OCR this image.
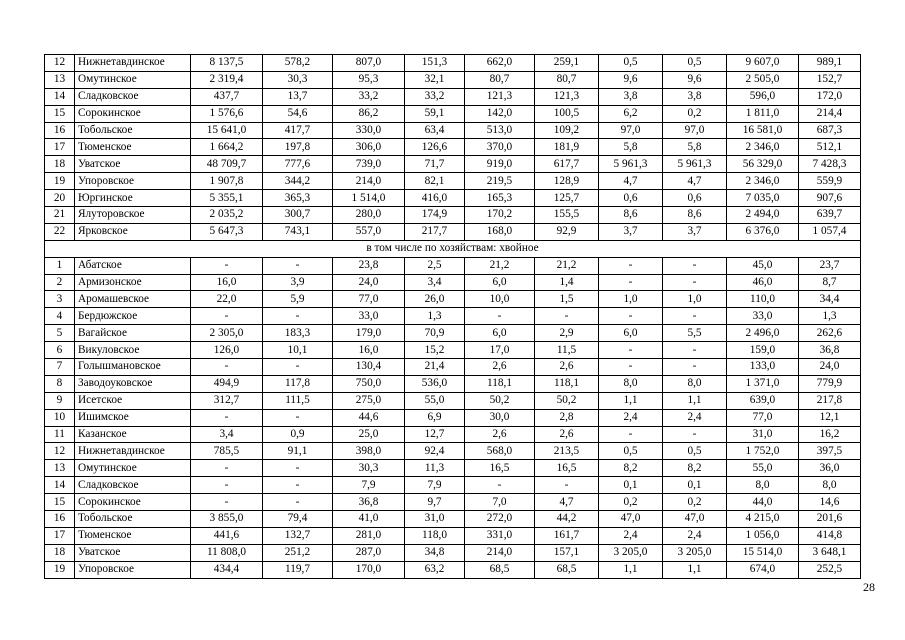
12	Нижнетавдинское	8 137,5	578,2	807,0	151,3	662,0	259,1	0,5	0,5	9 607,0	989,1
13	Омутинское	2 319,4	30,3	95,3	32,1	80,7	80,7	9,6	9,6	2 505,0	152,7
14	Сладковское	437,7	13,7	33,2	33,2	121,3	121,3	3,8	3,8	596,0	172,0
15	Сорокинское	1 576,6	54,6	86,2	59,1	142,0	100,5	6,2	0,2	1 811,0	214,4
16	Тобольское	15 641,0	417,7	330,0	63,4	513,0	109,2	97,0	97,0	16 581,0	687,3
17	Тюменское	1 664,2	197,8	306,0	126,6	370,0	181,9	5,8	5,8	2 346,0	512,1
18	Уватское	48 709,7	777,6	739,0	71,7	919,0	617,7	5 961,3	5 961,3	56 329,0	7 428,3
19	Упоровское	1 907,8	344,2	214,0	82,1	219,5	128,9	4,7	4,7	2 346,0	559,9
20	Юргинское	5 355,1	365,3	1 514,0	416,0	165,3	125,7	0,6	0,6	7 035,0	907,6
21	Ялуторовское	2 035,2	300,7	280,0	174,9	170,2	155,5	8,6	8,6	2 494,0	639,7
22	Ярковское	5 647,3	743,1	557,0	217,7	168,0	92,9	3,7	3,7	6 376,0	1 057,4
в том числе по хозяйствам: хвойное											
1	Абатское	-	-	23,8	2,5	21,2	21,2	-	-	45,0	23,7
2	Армизонское	16,0	3,9	24,0	3,4	6,0	1,4	-	-	46,0	8,7
3	Аромашевское	22,0	5,9	77,0	26,0	10,0	1,5	1,0	1,0	110,0	34,4
4	Бердюжское	-	-	33,0	1,3	-	-	-	-	33,0	1,3
5	Вагайское	2 305,0	183,3	179,0	70,9	6,0	2,9	6,0	5,5	2 496,0	262,6
6	Викуловское	126,0	10,1	16,0	15,2	17,0	11,5	-	-	159,0	36,8
7	Голышмановское	-	-	130,4	21,4	2,6	2,6	-	-	133,0	24,0
8	Заводоуковское	494,9	117,8	750,0	536,0	118,1	118,1	8,0	8,0	1 371,0	779,9
9	Исетское	312,7	111,5	275,0	55,0	50,2	50,2	1,1	1,1	639,0	217,8
10	Ишимское	-	-	44,6	6,9	30,0	2,8	2,4	2,4	77,0	12,1
11	Казанское	3,4	0,9	25,0	12,7	2,6	2,6	-	-	31,0	16,2
12	Нижнетавдинское	785,5	91,1	398,0	92,4	568,0	213,5	0,5	0,5	1 752,0	397,5
13	Омутинское	-	-	30,3	11,3	16,5	16,5	8,2	8,2	55,0	36,0
14	Сладковское	-	-	7,9	7,9	-	-	0,1	0,1	8,0	8,0
15	Сорокинское	-	-	36,8	9,7	7,0	4,7	0,2	0,2	44,0	14,6
16	Тобольское	3 855,0	79,4	41,0	31,0	272,0	44,2	47,0	47,0	4 215,0	201,6
17	Тюменское	441,6	132,7	281,0	118,0	331,0	161,7	2,4	2,4	1 056,0	414,8
18	Уватское	11 808,0	251,2	287,0	34,8	214,0	157,1	3 205,0	3 205,0	15 514,0	3 648,1
19	Упоровское	434,4	119,7	170,0	63,2	68,5	68,5	1,1	1,1	674,0	252,5
28
